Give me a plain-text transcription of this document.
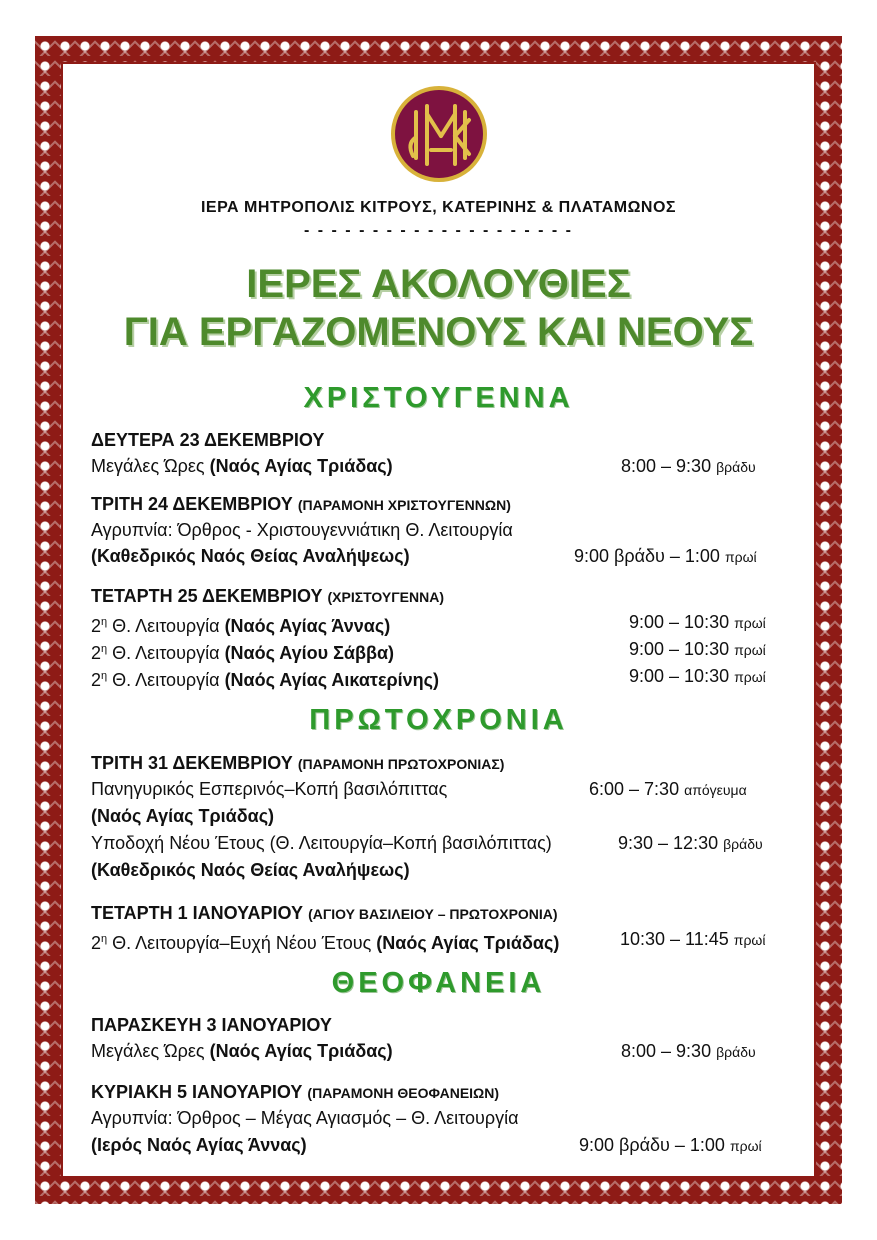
ΙΕΡΑ ΜΗΤΡΟΠΟΛΙΣ ΚΙΤΡΟΥΣ, ΚΑΤΕΡΙΝΗΣ & ΠΛΑΤΑΜΩΝΟΣ
- - - - - - - - - - - - - - - - - - - -
ΙΕΡΕΣ ΑΚΟΛΟΥΘΙΕΣ
ΓΙΑ ΕΡΓΑΖΟΜΕΝΟΥΣ ΚΑΙ ΝΕΟΥΣ
ΧΡΙΣΤΟΥΓΕΝΝΑ
ΔΕΥΤΕΡΑ 23 ΔΕΚΕΜΒΡΙΟΥ
Μεγάλες Ώρες (Ναός Αγίας Τριάδας)	8:00 – 9:30 βράδυ
ΤΡΙΤΗ 24 ΔΕΚΕΜΒΡΙΟΥ (ΠΑΡΑΜΟΝΗ ΧΡΙΣΤΟΥΓΕΝΝΩΝ)
Αγρυπνία: Όρθρος - Χριστουγεννιάτικη Θ. Λειτουργία
(Καθεδρικός Ναός Θείας Αναλήψεως)	9:00 βράδυ – 1:00 πρωί
ΤΕΤΑΡΤΗ 25 ΔΕΚΕΜΒΡΙΟΥ (ΧΡΙΣΤΟΥΓΕΝΝΑ)
$2^\eta$ Θ. Λειτουργία (Ναός Αγίας Άννας)	9:00 – 10:30 πρωί
$2^\eta$ Θ. Λειτουργία (Ναός Αγίου Σάββα)	9:00 – 10:30 πρωί
$2^\eta$ Θ. Λειτουργία (Ναός Αγίας Αικατερίνης)	9:00 – 10:30 πρωί
ΠΡΩΤΟΧΡΟΝΙΑ
ΤΡΙΤΗ 31 ΔΕΚΕΜΒΡΙΟΥ (ΠΑΡΑΜΟΝΗ ΠΡΩΤΟΧΡΟΝΙΑΣ)
Πανηγυρικός Εσπερινός–Κοπή βασιλόπιττας	6:00 – 7:30 απόγευμα
(Ναός Αγίας Τριάδας)
Υποδοχή Νέου Έτους (Θ. Λειτουργία–Κοπή βασιλόπιττας)	9:30 – 12:30 βράδυ
(Καθεδρικός Ναός Θείας Αναλήψεως)
ΤΕΤΑΡΤΗ 1 ΙΑΝΟΥΑΡΙΟΥ (ΑΓΙΟΥ ΒΑΣΙΛΕΙΟΥ – ΠΡΩΤΟΧΡΟΝΙΑ)
$2^\eta$ Θ. Λειτουργία–Ευχή Νέου Έτους (Ναός Αγίας Τριάδας)	10:30 – 11:45 πρωί
ΘΕΟΦΑΝΕΙΑ
ΠΑΡΑΣΚΕΥΗ 3 ΙΑΝΟΥΑΡΙΟΥ
Μεγάλες Ώρες (Ναός Αγίας Τριάδας)	8:00 – 9:30 βράδυ
ΚΥΡΙΑΚΗ 5 ΙΑΝΟΥΑΡΙΟΥ (ΠΑΡΑΜΟΝΗ ΘΕΟΦΑΝΕΙΩΝ)
Αγρυπνία: Όρθρος – Μέγας Αγιασμός – Θ. Λειτουργία
(Ιερός Ναός Αγίας Άννας)	9:00 βράδυ – 1:00 πρωί
